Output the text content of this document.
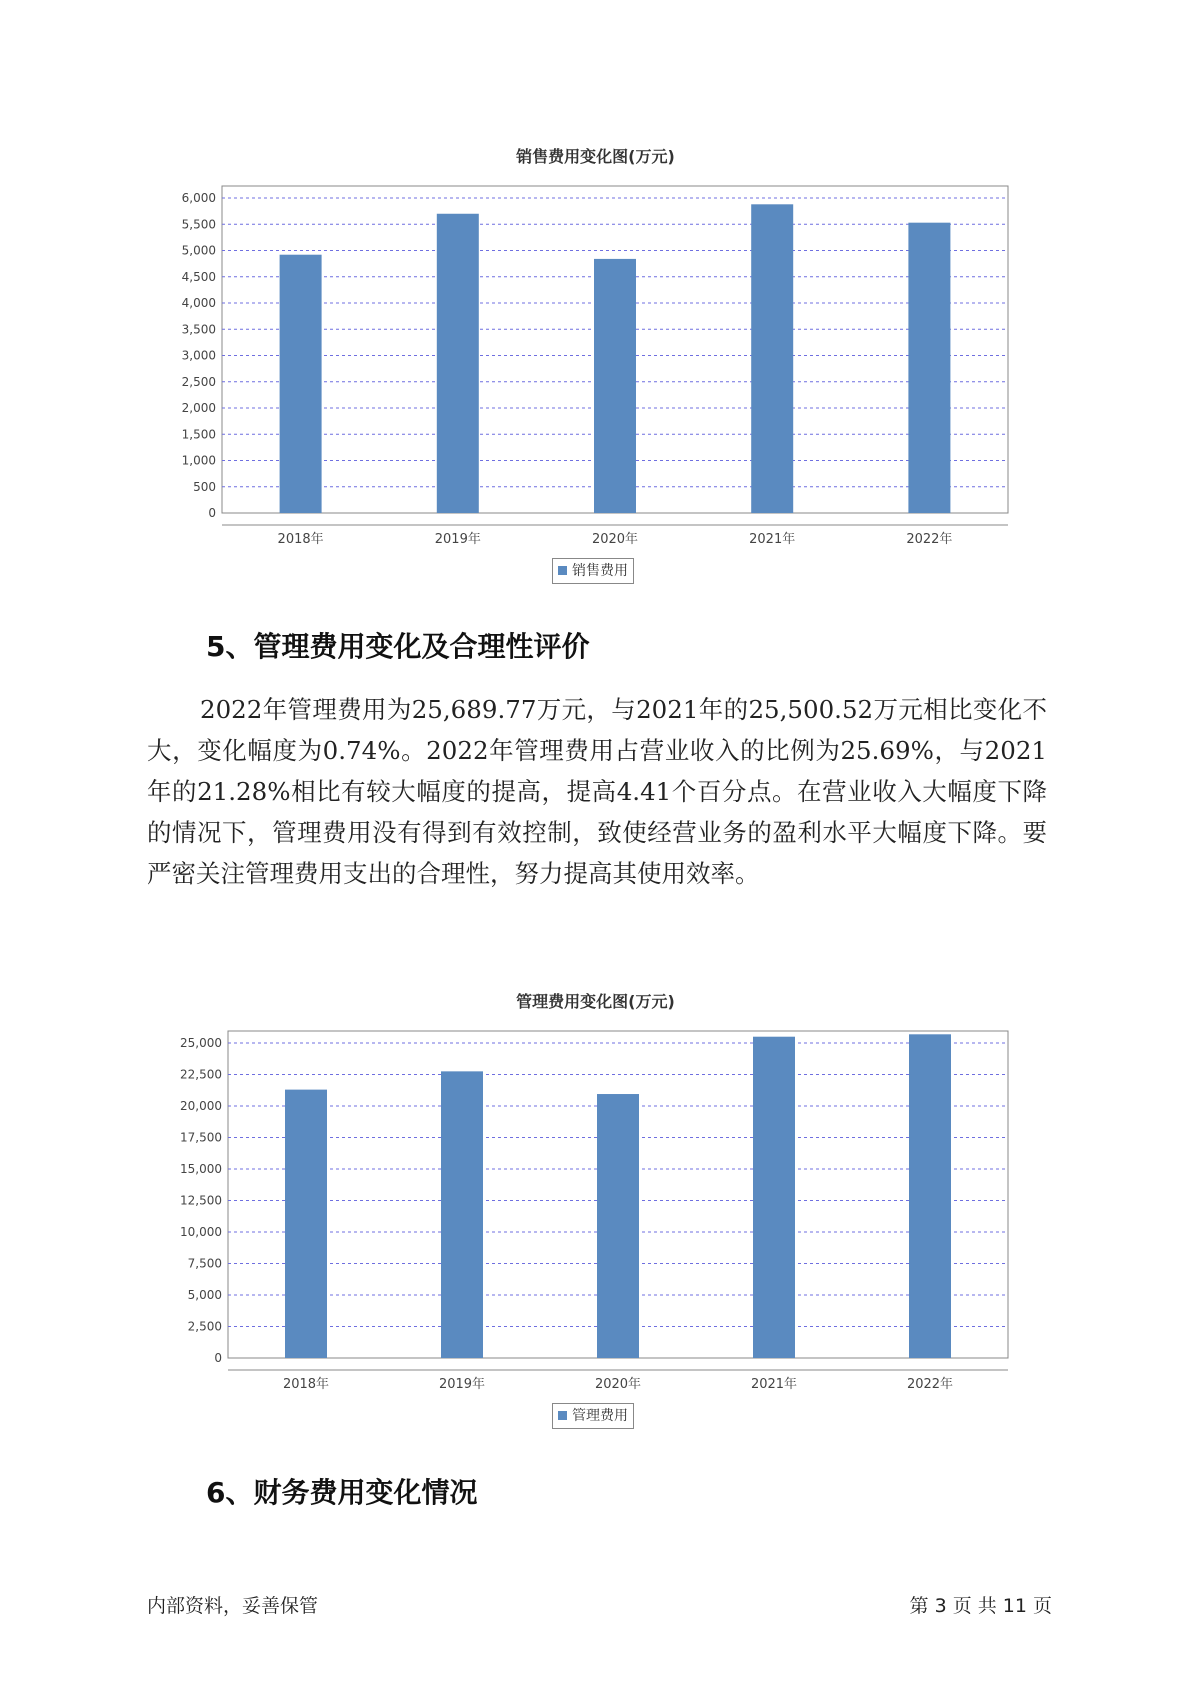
销售费用变化图(万元)
0
500
1,000
1,500
2,000
2,500
3,000
3,500
4,000
4,500
5,000
5,500
6,000
2018年	2019年	2020年	2021年	2022年
销售费用
5、管理费用变化及合理性评价
2022年管理费用为25,689.77万元，与2021年的25,500.52万元相比变化不大，变化幅度为0.74%。2022年管理费用占营业收入的比例为25.69%，与2021年的21.28%相比有较大幅度的提高，提高4.41个百分点。在营业收入大幅度下降的情况下，管理费用没有得到有效控制，致使经营业务的盈利水平大幅度下降。要严密关注管理费用支出的合理性，努力提高其使用效率。
管理费用变化图(万元)
0
2,500
5,000
7,500
10,000
12,500
15,000
17,500
20,000
22,500
25,000
2018年	2019年	2020年	2021年	2022年
管理费用
6、财务费用变化情况
内部资料，妥善保管	第 3 页 共 11 页
